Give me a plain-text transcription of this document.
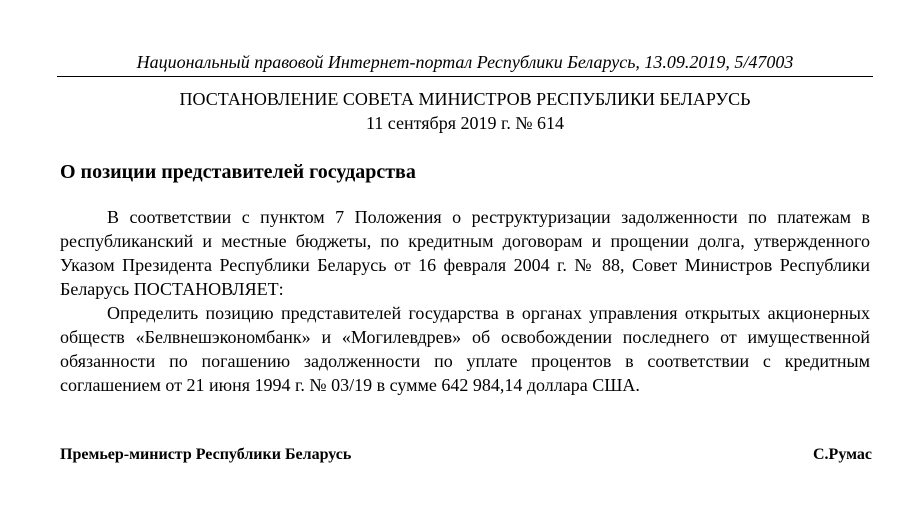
Национальный правовой Интернет-портал Республики Беларусь, 13.09.2019, 5/47003
ПОСТАНОВЛЕНИЕ СОВЕТА МИНИСТРОВ РЕСПУБЛИКИ БЕЛАРУСЬ
11 сентября 2019 г. № 614
О позиции представителей государства

В соответствии с пунктом 7 Положения о реструктуризации задолженности по платежам в республиканский и местные бюджеты, по кредитным договорам и прощении долга, утвержденного Указом Президента Республики Беларусь от 16 февраля 2004 г. № 88, Совет Министров Республики Беларусь ПОСТАНОВЛЯЕТ:

Определить позицию представителей государства в органах управления открытых акционерных обществ «Белвнешэкономбанк» и «Могилевдрев» об освобождении последнего от имущественной обязанности по погашению задолженности по уплате процентов в соответствии с кредитным соглашением от 21 июня 1994 г. № 03/19 в сумме 642 984,14 доллара США.

Премьер-министр Республики Беларусь	С.Румас
